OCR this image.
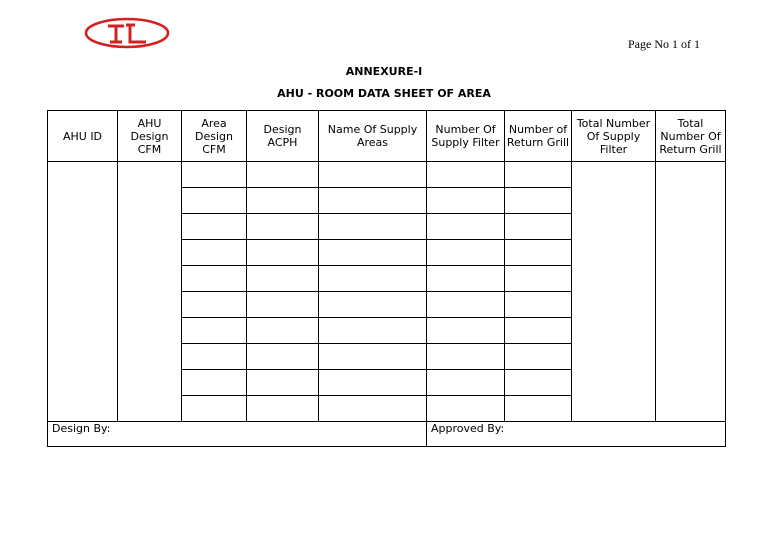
Page No 1 of 1
ANNEXURE-I
AHU - ROOM DATA SHEET OF AREA
AHU ID	AHU Design CFM	Area Design CFM	Design ACPH	Name Of Supply Areas	Number Of Supply Filter	Number of Return Grill	Total Number Of Supply Filter	Total Number Of Return Grill

Design By:					Approved By:			
